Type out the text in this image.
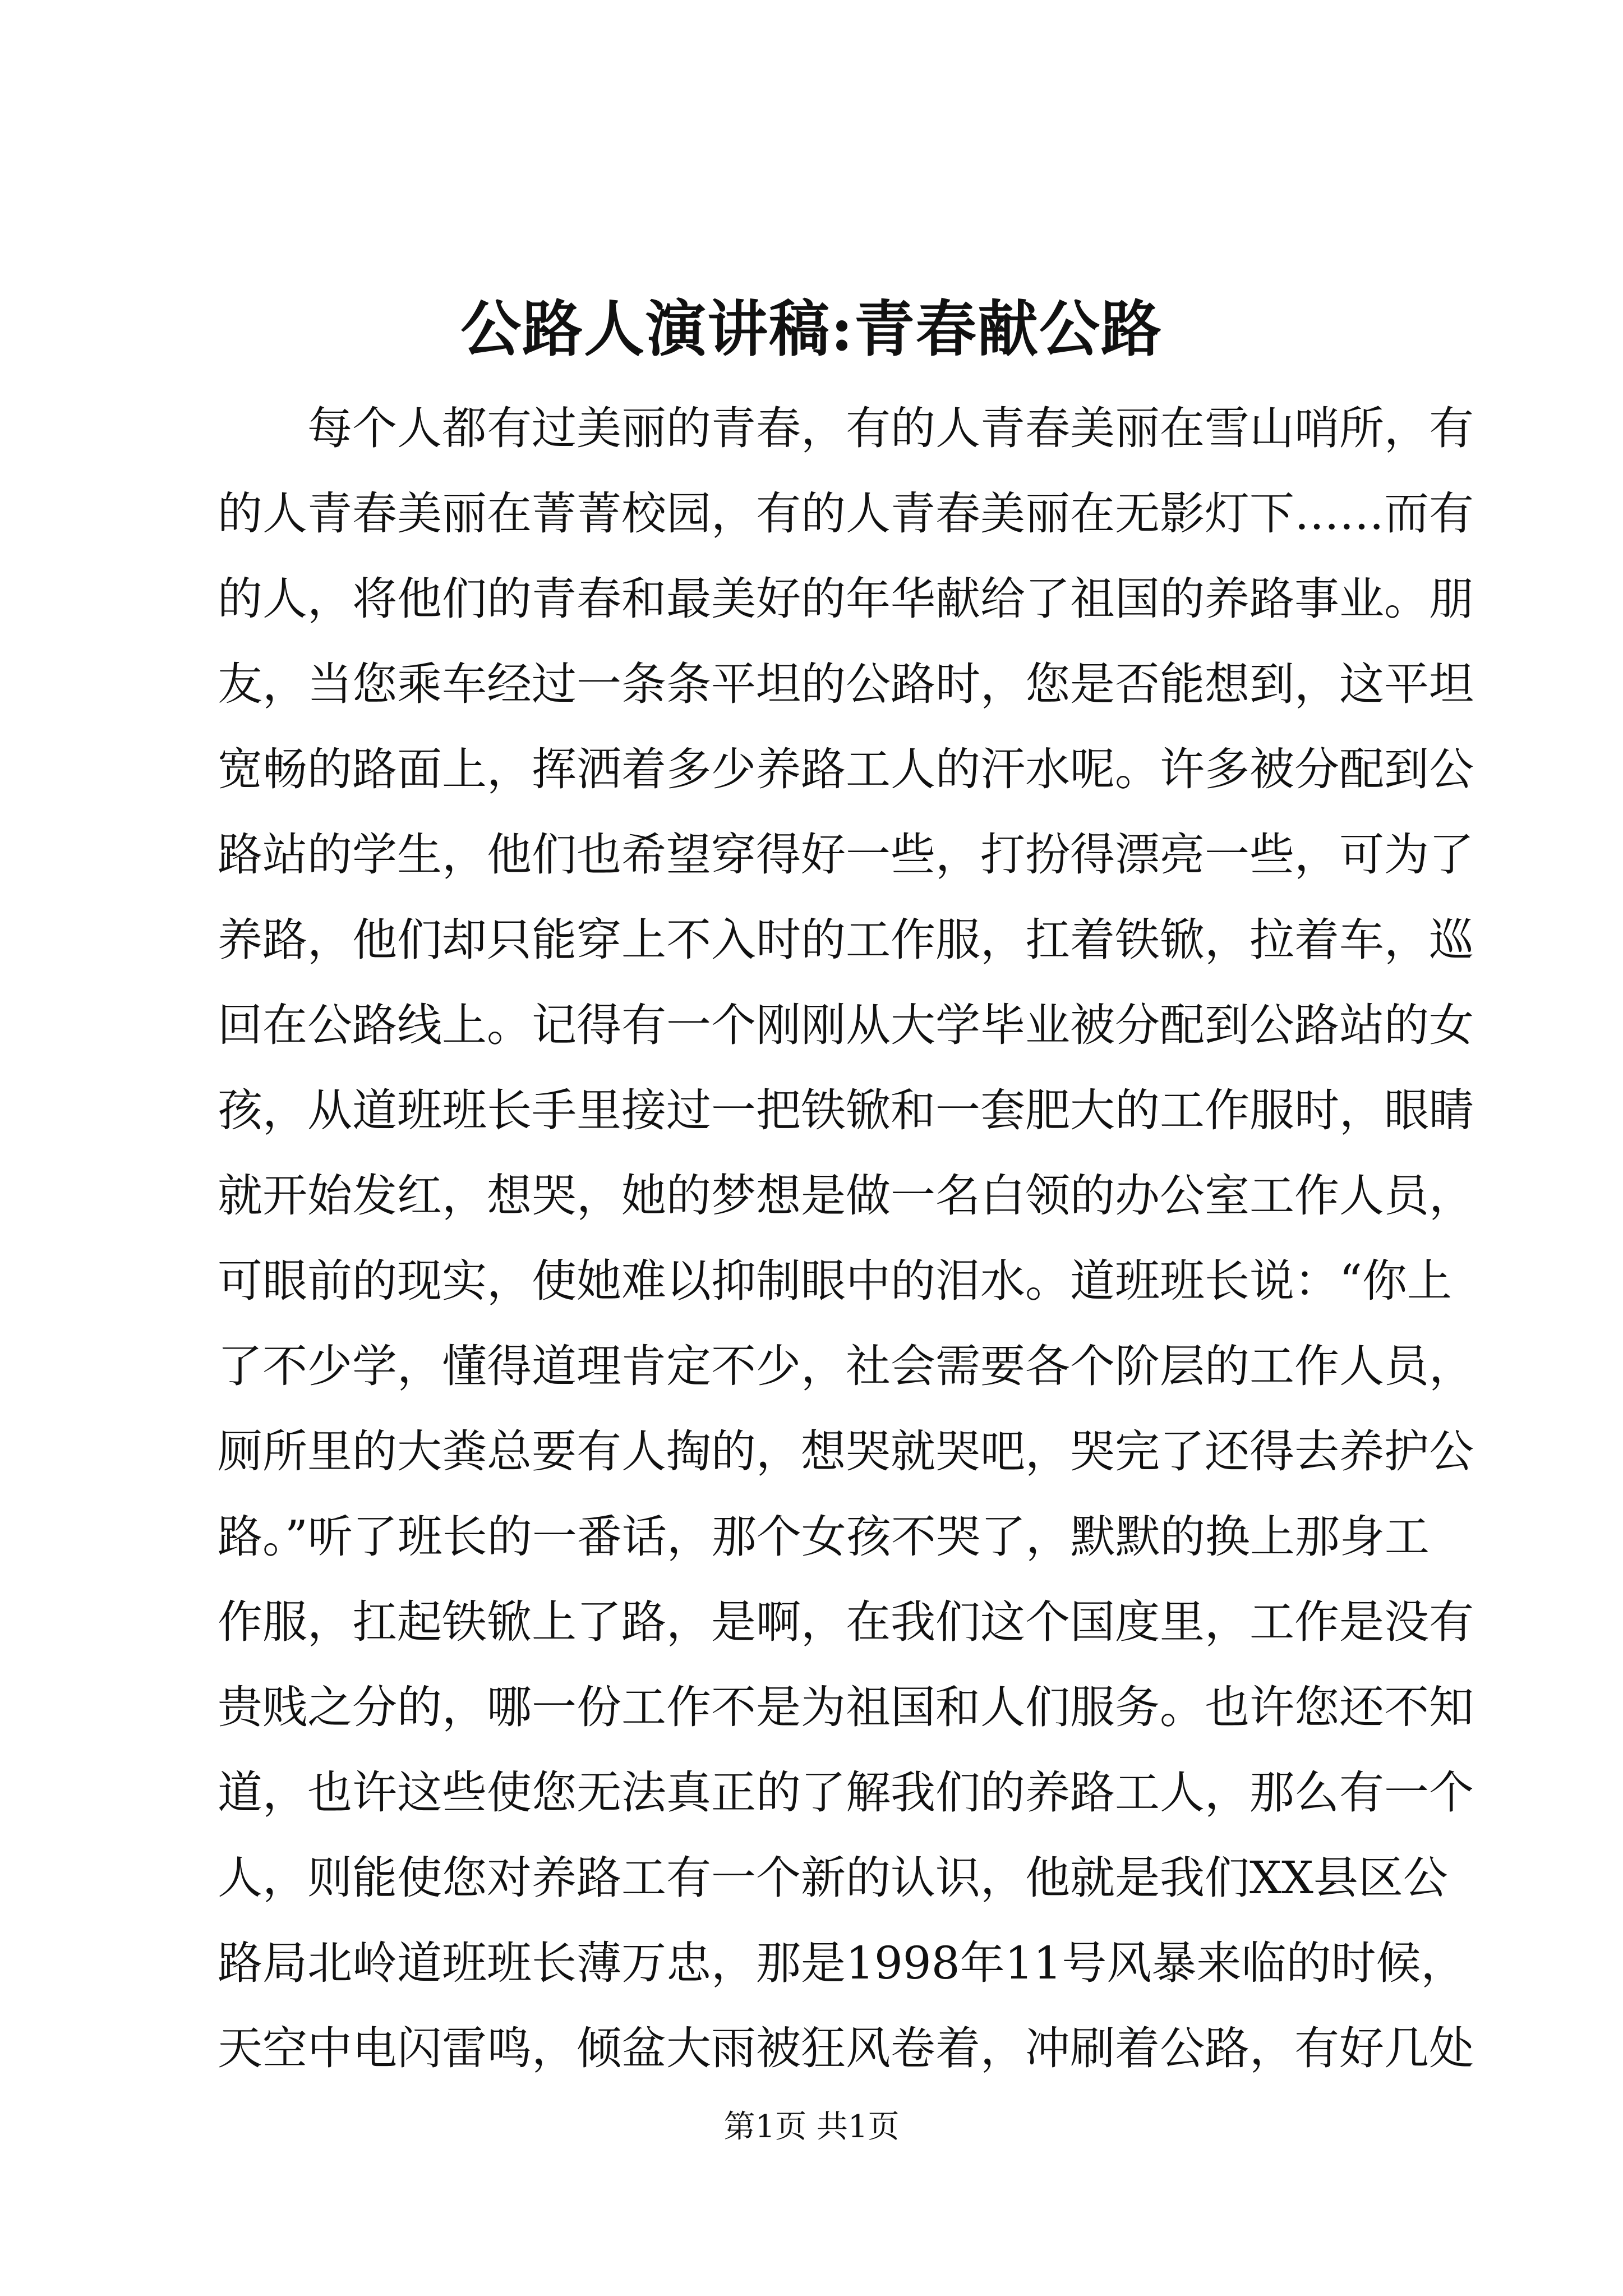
公路人演讲稿:青春献公路
每个人都有过美丽的青春，有的人青春美丽在雪山哨所，有
的人青春美丽在菁菁校园，有的人青春美丽在无影灯下……而有
的人，将他们的青春和最美好的年华献给了祖国的养路事业。朋
友，当您乘车经过一条条平坦的公路时，您是否能想到，这平坦
宽畅的路面上，挥洒着多少养路工人的汗水呢。许多被分配到公
路站的学生，他们也希望穿得好一些，打扮得漂亮一些，可为了
养路，他们却只能穿上不入时的工作服，扛着铁锨，拉着车，巡
回在公路线上。记得有一个刚刚从大学毕业被分配到公路站的女
孩，从道班班长手里接过一把铁锨和一套肥大的工作服时，眼睛
就开始发红，想哭，她的梦想是做一名白领的办公室工作人员，
可眼前的现实，使她难以抑制眼中的泪水。道班班长说：“你上
了不少学，懂得道理肯定不少，社会需要各个阶层的工作人员，
厕所里的大粪总要有人掏的，想哭就哭吧，哭完了还得去养护公
路。”听了班长的一番话，那个女孩不哭了，默默的换上那身工
作服，扛起铁锨上了路，是啊，在我们这个国度里，工作是没有
贵贱之分的，哪一份工作不是为祖国和人们服务。也许您还不知
道，也许这些使您无法真正的了解我们的养路工人，那么有一个
人，则能使您对养路工有一个新的认识，他就是我们XX县区公
路局北岭道班班长薄万忠，那是1998年11号风暴来临的时候，
天空中电闪雷鸣，倾盆大雨被狂风卷着，冲刷着公路，有好几处
第1页 共1页
